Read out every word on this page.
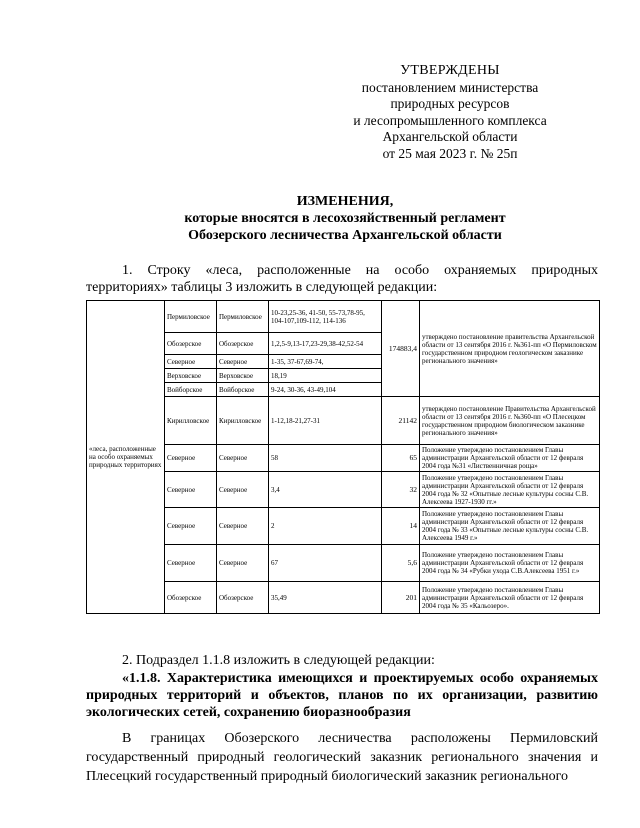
УТВЕРЖДЕНЫ
постановлением министерства
природных ресурсов
и лесопромышленного комплекса
Архангельской области
от 25 мая 2023 г. № 25п
ИЗМЕНЕНИЯ,
которые вносятся в лесохозяйственный регламент
Обозерского лесничества Архангельской области
1. Строку «леса, расположенные на особо охраняемых природных территориях» таблицы 3 изложить в следующей редакции:
«леса, расположенные на особо охраняемых природных территориях	Пермиловское	Пермиловское	10-23,25-36, 41-50, 55-73,78-95, 104-107,109-112, 114-136	174883,4	утверждено постановление правительства Архангельской области от 13 сентября 2016 г. №361-пп «О Пермиловском государственном природном геологическом заказнике регионального значения»
	Обозерское	Обозерское	1,2,5-9,13-17,23-29,38-42,52-54		
	Северное	Северное	1-35, 37-67,69-74,		
	Верховское	Верховское	18,19		
	Войборское	Войборское	9-24, 30-36, 43-49,104		
	Кирилловское	Кирилловское	1-12,18-21,27-31	21142	утверждено постановление Правительства Архангельской области от 13 сентября 2016 г. №360-пп «О Плесецком государственном природном биологическом заказнике регионального значения»
	Северное	Северное	58	65	Положение утверждено постановлением Главы администрации Архангельской области от 12 февраля 2004 года №31 «Лиственничная роща»
	Северное	Северное	3,4	32	Положение утверждено постановлением Главы администрации Архангельской области от 12 февраля 2004 года № 32 «Опытные лесные культуры сосны С.В. Алексеева 1927-1930 гг.»
	Северное	Северное	2	14	Положение утверждено постановлением Главы администрации Архангельской области от 12 февраля 2004 года № 33 «Опытные лесные культуры сосны С.В. Алексеева 1949 г.»
	Северное	Северное	67	5,6	Положение утверждено постановлением Главы администрации Архангельской области от 12 февраля 2004 года № 34 «Рубки ухода С.В.Алексеева 1951 г.»
	Обозерское	Обозерское	35,49	201	Положение утверждено постановлением Главы администрации Архангельской области от 12 февраля 2004 года № 35 «Кальозеро».
2. Подраздел 1.1.8 изложить в следующей редакции:
«1.1.8. Характеристика имеющихся и проектируемых особо охраняемых природных территорий и объектов, планов по их организации, развитию экологических сетей, сохранению биоразнообразия
В границах Обозерского лесничества расположены Пермиловский государственный природный геологический заказник регионального значения и Плесецкий государственный природный биологический заказник регионального
